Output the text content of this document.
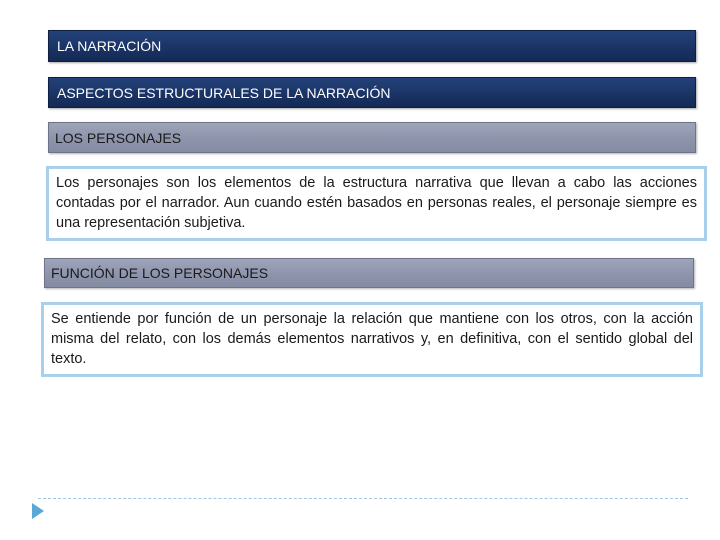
LA NARRACIÓN
ASPECTOS ESTRUCTURALES DE LA NARRACIÓN
LOS PERSONAJES
Los personajes son los elementos de la estructura narrativa que llevan a cabo las acciones contadas por el narrador. Aun cuando estén basados en personas reales, el personaje siempre es una representación subjetiva.
FUNCIÓN DE LOS PERSONAJES
Se entiende por función de un personaje la relación que mantiene con los otros, con la acción misma del relato, con los demás elementos narrativos y, en definitiva, con el sentido global del texto.
